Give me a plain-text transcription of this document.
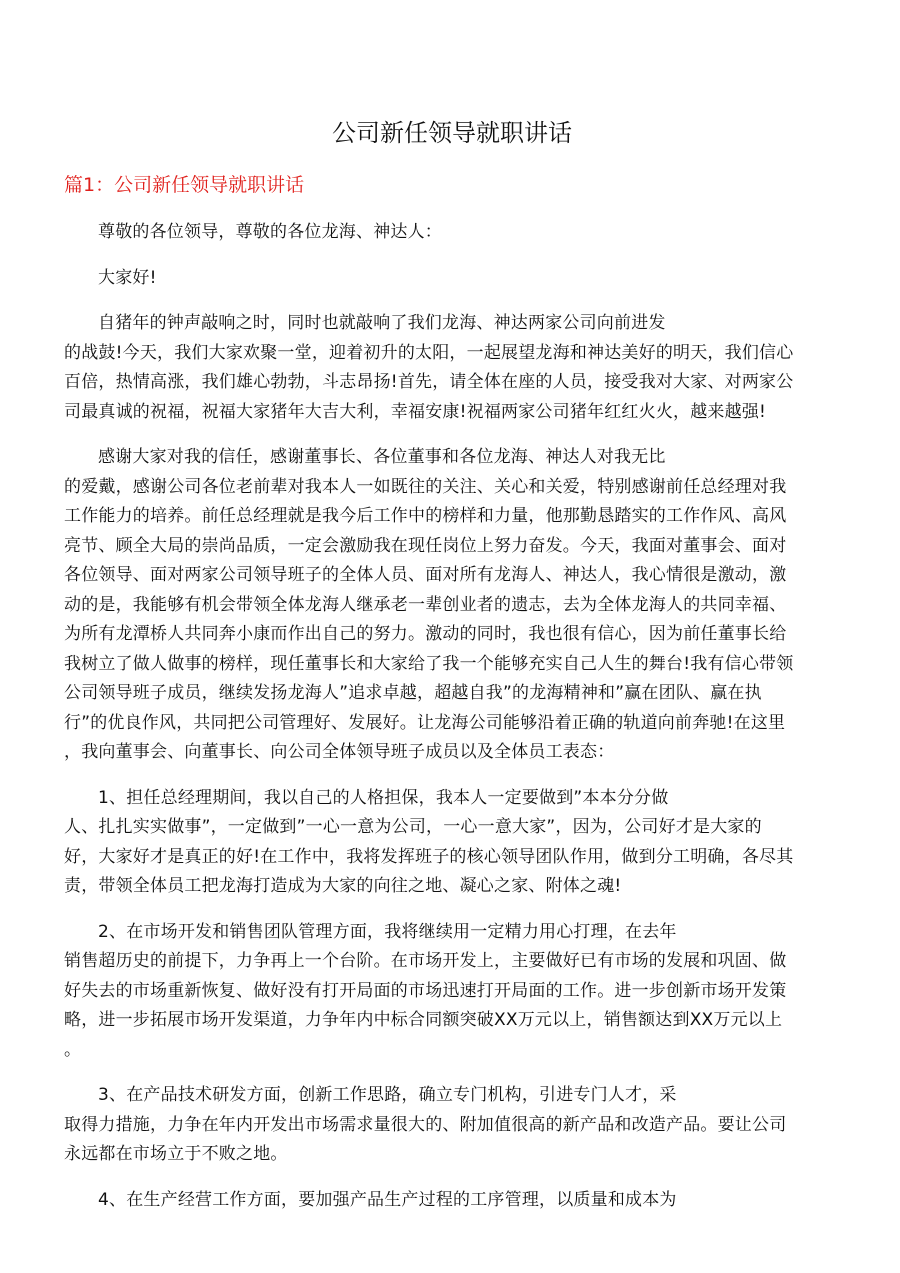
公司新任领导就职讲话
篇1：公司新任领导就职讲话
尊敬的各位领导，尊敬的各位龙海、神达人：
大家好!
自猪年的钟声敲响之时，同时也就敲响了我们龙海、神达两家公司向前进发
的战鼓!今天，我们大家欢聚一堂，迎着初升的太阳，一起展望龙海和神达美好的明天，我们信心
百倍，热情高涨，我们雄心勃勃，斗志昂扬!首先，请全体在座的人员，接受我对大家、对两家公
司最真诚的祝福，祝福大家猪年大吉大利，幸福安康!祝福两家公司猪年红红火火，越来越强!
感谢大家对我的信任，感谢董事长、各位董事和各位龙海、神达人对我无比
的爱戴，感谢公司各位老前辈对我本人一如既往的关注、关心和关爱，特别感谢前任总经理对我
工作能力的培养。前任总经理就是我今后工作中的榜样和力量，他那勤恳踏实的工作作风、高风
亮节、顾全大局的崇尚品质，一定会激励我在现任岗位上努力奋发。今天，我面对董事会、面对
各位领导、面对两家公司领导班子的全体人员、面对所有龙海人、神达人，我心情很是激动，激
动的是，我能够有机会带领全体龙海人继承老一辈创业者的遗志，去为全体龙海人的共同幸福、
为所有龙潭桥人共同奔小康而作出自己的努力。激动的同时，我也很有信心，因为前任董事长给
我树立了做人做事的榜样，现任董事长和大家给了我一个能够充实自己人生的舞台!我有信心带领
公司领导班子成员，继续发扬龙海人”追求卓越，超越自我”的龙海精神和”赢在团队、赢在执
行”的优良作风，共同把公司管理好、发展好。让龙海公司能够沿着正确的轨道向前奔驰!在这里
，我向董事会、向董事长、向公司全体领导班子成员以及全体员工表态：
1、担任总经理期间，我以自己的人格担保，我本人一定要做到”本本分分做
人、扎扎实实做事”，一定做到”一心一意为公司，一心一意大家”，因为，公司好才是大家的
好，大家好才是真正的好!在工作中，我将发挥班子的核心领导团队作用，做到分工明确，各尽其
责，带领全体员工把龙海打造成为大家的向往之地、凝心之家、附体之魂!
2、在市场开发和销售团队管理方面，我将继续用一定精力用心打理，在去年
销售超历史的前提下，力争再上一个台阶。在市场开发上，主要做好已有市场的发展和巩固、做
好失去的市场重新恢复、做好没有打开局面的市场迅速打开局面的工作。进一步创新市场开发策
略，进一步拓展市场开发渠道，力争年内中标合同额突破XX万元以上，销售额达到XX万元以上
。
3、在产品技术研发方面，创新工作思路，确立专门机构，引进专门人才，采
取得力措施，力争在年内开发出市场需求量很大的、附加值很高的新产品和改造产品。要让公司
永远都在市场立于不败之地。
4、在生产经营工作方面，要加强产品生产过程的工序管理，以质量和成本为
